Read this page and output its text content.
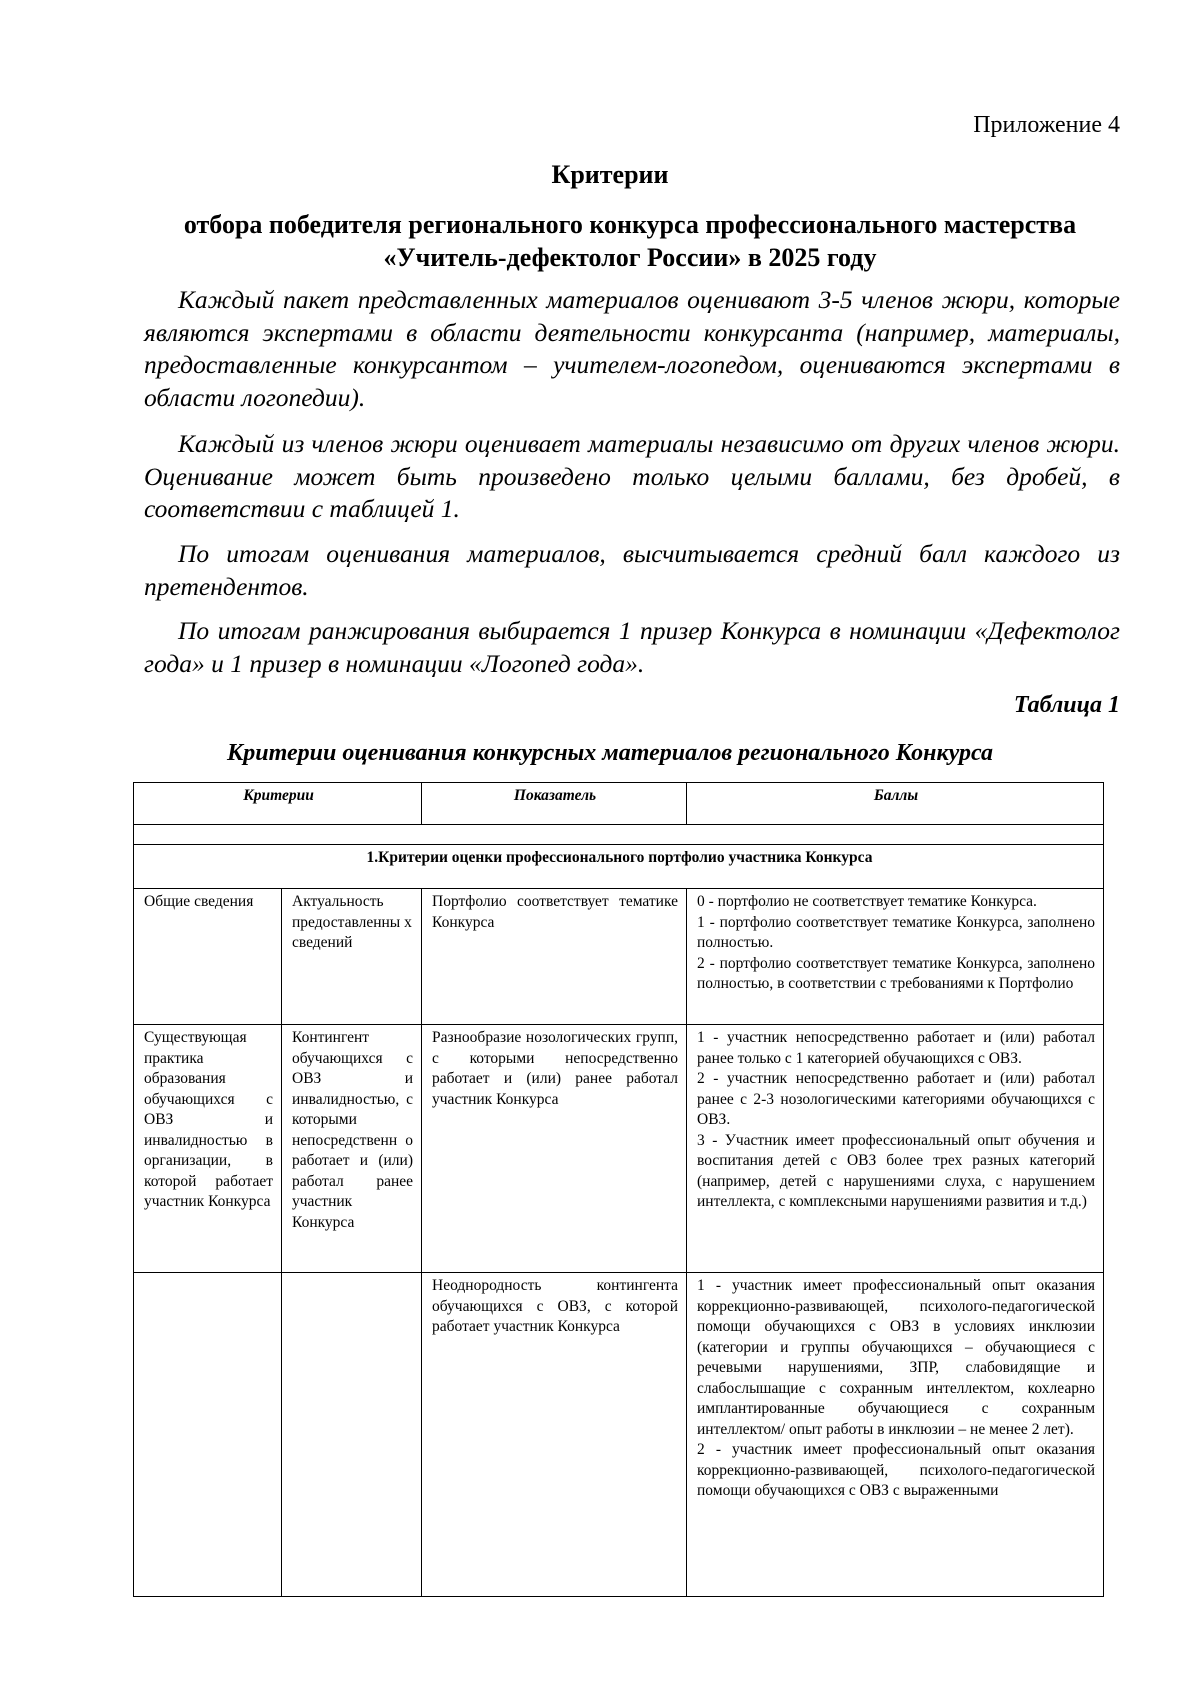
Приложение 4
Критерии
отбора победителя регионального конкурса профессионального мастерства «Учитель-дефектолог России» в 2025 году

Каждый пакет представленных материалов оценивают 3-5 членов жюри, которые являются экспертами в области деятельности конкурсанта (например, материалы, предоставленные конкурсантом – учителем-логопедом, оцениваются экспертами в области логопедии).

Каждый из членов жюри оценивает материалы независимо от других членов жюри. Оценивание может быть произведено только целыми баллами, без дробей, в соответствии с таблицей 1.

По итогам оценивания материалов, высчитывается средний балл каждого из претендентов.

По итогам ранжирования выбирается 1 призер Конкурса в номинации «Дефектолог года» и 1 призер в номинации «Логопед года».

Таблица 1
Критерии оценивания конкурсных материалов регионального Конкурса
Критерии		Показатель	Баллы

1.Критерии оценки профессионального портфолио участника Конкурса			
Общие сведения	Актуальность предоставленны х сведений	Портфолио соответствует тематике Конкурса	0 - портфолио не соответствует тематике Конкурса.
1 - портфолио соответствует тематике Конкурса, заполнено полностью.
2 - портфолио соответствует тематике Конкурса, заполнено полностью, в соответствии с требованиями к Портфолио

Существующая практика образования обучающихся с ОВЗ и инвалидностью в организации, в которой работает участник Конкурса	Контингент обучающихся с ОВЗ и инвалидностью, с которыми непосредственн о работает и (или) работал ранее участник Конкурса	Разнообразие нозологических групп, с которыми непосредственно работает и (или) ранее работал участник Конкурса	1 - участник непосредственно работает и (или) работал ранее только с 1 категорией обучающихся с ОВЗ.
2 - участник непосредственно работает и (или) работал ранее с 2-3 нозологическими категориями обучающихся с ОВЗ.
3 - Участник имеет профессиональный опыт обучения и воспитания детей с ОВЗ более трех разных категорий (например, детей с нарушениями слуха, с нарушением интеллекта, с комплексными нарушениями развития и т.д.)

		Неоднородность контингента обучающихся с ОВЗ, с которой работает участник Конкурса	1 - участник имеет профессиональный опыт оказания коррекционно-развивающей, психолого-педагогической помощи обучающихся с ОВЗ в условиях инклюзии (категории и группы обучающихся – обучающиеся с речевыми нарушениями, ЗПР, слабовидящие и слабослышащие с сохранным интеллектом, кохлеарно имплантированные обучающиеся с сохранным интеллектом/ опыт работы в инклюзии – не менее 2 лет).
2 - участник имеет профессиональный опыт оказания коррекционно-развивающей, психолого-педагогической помощи обучающихся с ОВЗ с выраженными
